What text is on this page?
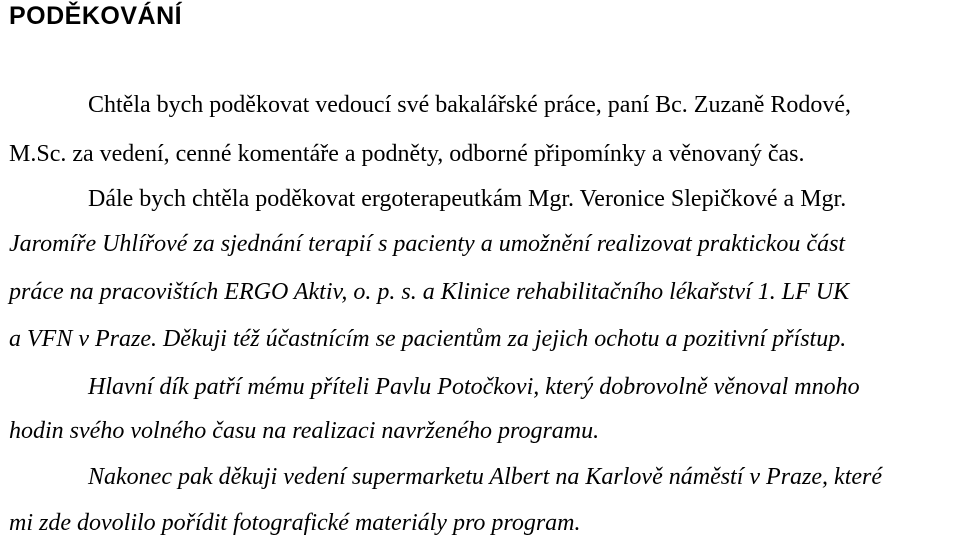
PODĚKOVÁNÍ
Chtěla bych poděkovat vedoucí své bakalářské práce, paní Bc. Zuzaně Rodové,
M.Sc. za vedení, cenné komentáře a podněty, odborné připomínky a věnovaný čas.
Dále bych chtěla poděkovat ergoterapeutkám Mgr. Veronice Slepičkové a Mgr.
Jaromíře Uhlířové za sjednání terapií s pacienty a umožnění realizovat praktickou část
práce na pracovištích ERGO Aktiv, o. p. s. a Klinice rehabilitačního lékařství 1. LF UK
a VFN v Praze. Děkuji též účastnícím se pacientům za jejich ochotu a pozitivní přístup.
Hlavní dík patří mému příteli Pavlu Potočkovi, který dobrovolně věnoval mnoho
hodin svého volného času na realizaci navrženého programu.
Nakonec pak děkuji vedení supermarketu Albert na Karlově náměstí v Praze, které
mi zde dovolilo pořídit fotografické materiály pro program.
